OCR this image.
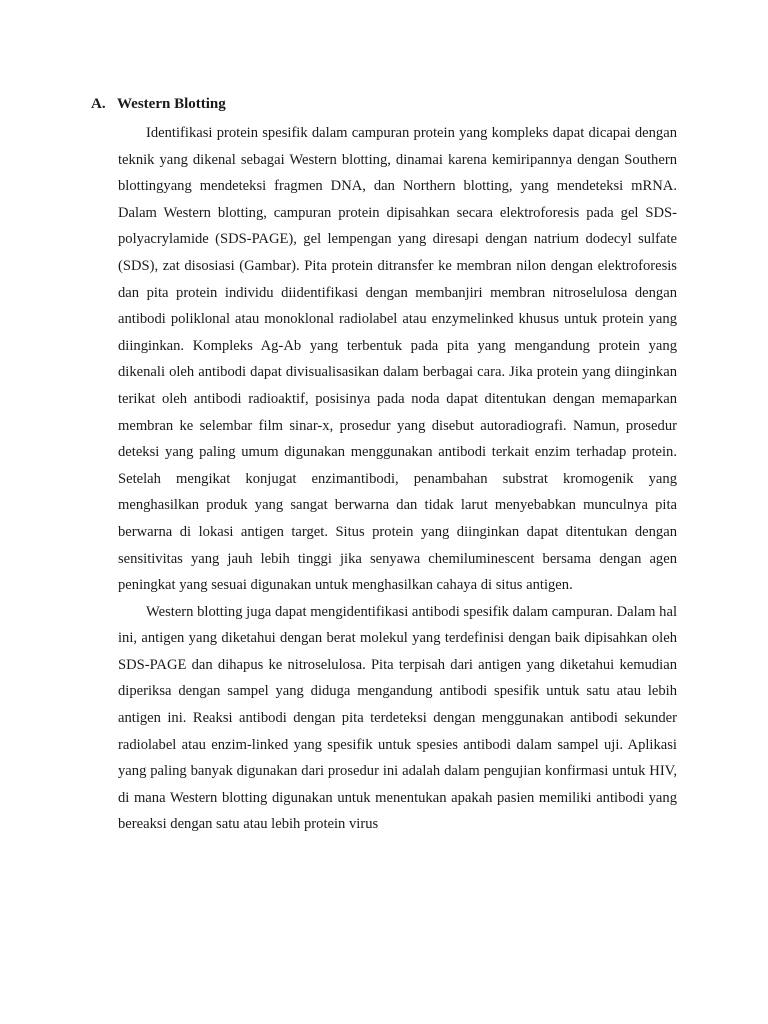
A. Western Blotting

Identifikasi protein spesifik dalam campuran protein yang kompleks dapat dicapai dengan teknik yang dikenal sebagai Western blotting, dinamai karena kemiripannya dengan Southern blottingyang mendeteksi fragmen DNA, dan Northern blotting, yang mendeteksi mRNA. Dalam Western blotting, campuran protein dipisahkan secara elektroforesis pada gel SDS-polyacrylamide (SDS-PAGE), gel lempengan yang diresapi dengan natrium dodecyl sulfate (SDS), zat disosiasi (Gambar). Pita protein ditransfer ke membran nilon dengan elektroforesis dan pita protein individu diidentifikasi dengan membanjiri membran nitroselulosa dengan antibodi poliklonal atau monoklonal radiolabel atau enzymelinked khusus untuk protein yang diinginkan. Kompleks Ag-Ab yang terbentuk pada pita yang mengandung protein yang dikenali oleh antibodi dapat divisualisasikan dalam berbagai cara. Jika protein yang diinginkan terikat oleh antibodi radioaktif, posisinya pada noda dapat ditentukan dengan memaparkan membran ke selembar film sinar-x, prosedur yang disebut autoradiografi. Namun, prosedur deteksi yang paling umum digunakan menggunakan antibodi terkait enzim terhadap protein. Setelah mengikat konjugat enzimantibodi, penambahan substrat kromogenik yang menghasilkan produk yang sangat berwarna dan tidak larut menyebabkan munculnya pita berwarna di lokasi antigen target. Situs protein yang diinginkan dapat ditentukan dengan sensitivitas yang jauh lebih tinggi jika senyawa chemiluminescent bersama dengan agen peningkat yang sesuai digunakan untuk menghasilkan cahaya di situs antigen.

Western blotting juga dapat mengidentifikasi antibodi spesifik dalam campuran. Dalam hal ini, antigen yang diketahui dengan berat molekul yang terdefinisi dengan baik dipisahkan oleh SDS-PAGE dan dihapus ke nitroselulosa. Pita terpisah dari antigen yang diketahui kemudian diperiksa dengan sampel yang diduga mengandung antibodi spesifik untuk satu atau lebih antigen ini. Reaksi antibodi dengan pita terdeteksi dengan menggunakan antibodi sekunder radiolabel atau enzim-linked yang spesifik untuk spesies antibodi dalam sampel uji. Aplikasi yang paling banyak digunakan dari prosedur ini adalah dalam pengujian konfirmasi untuk HIV, di mana Western blotting digunakan untuk menentukan apakah pasien memiliki antibodi yang bereaksi dengan satu atau lebih protein virus
